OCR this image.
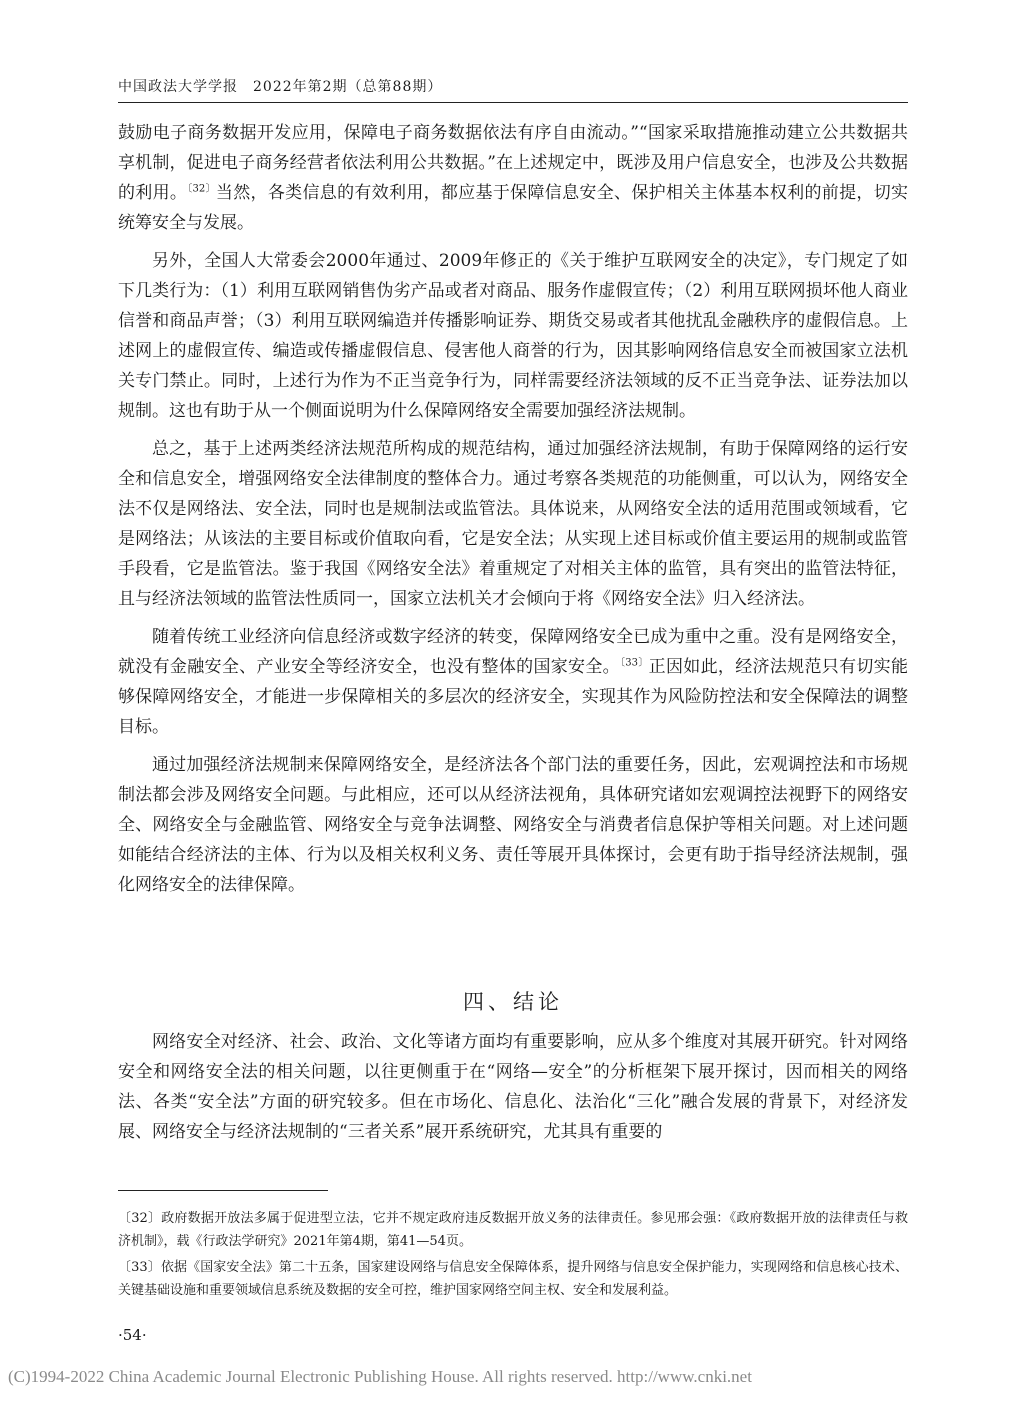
中国政法大学学报　2022年第2期（总第88期）

鼓励电子商务数据开发应用，保障电子商务数据依法有序自由流动。”“国家采取措施推动建立公共数据共享机制，促进电子商务经营者依法利用公共数据。”在上述规定中，既涉及用户信息安全，也涉及公共数据的利用。$^{〔32〕}$当然，各类信息的有效利用，都应基于保障信息安全、保护相关主体基本权利的前提，切实统筹安全与发展。

另外，全国人大常委会2000年通过、2009年修正的《关于维护互联网安全的决定》，专门规定了如下几类行为：（1）利用互联网销售伪劣产品或者对商品、服务作虚假宣传；（2）利用互联网损坏他人商业信誉和商品声誉；（3）利用互联网编造并传播影响证券、期货交易或者其他扰乱金融秩序的虚假信息。上述网上的虚假宣传、编造或传播虚假信息、侵害他人商誉的行为，因其影响网络信息安全而被国家立法机关专门禁止。同时，上述行为作为不正当竞争行为，同样需要经济法领域的反不正当竞争法、证券法加以规制。这也有助于从一个侧面说明为什么保障网络安全需要加强经济法规制。

总之，基于上述两类经济法规范所构成的规范结构，通过加强经济法规制，有助于保障网络的运行安全和信息安全，增强网络安全法律制度的整体合力。通过考察各类规范的功能侧重，可以认为，网络安全法不仅是网络法、安全法，同时也是规制法或监管法。具体说来，从网络安全法的适用范围或领域看，它是网络法；从该法的主要目标或价值取向看，它是安全法；从实现上述目标或价值主要运用的规制或监管手段看，它是监管法。鉴于我国《网络安全法》着重规定了对相关主体的监管，具有突出的监管法特征，且与经济法领域的监管法性质同一，国家立法机关才会倾向于将《网络安全法》归入经济法。

随着传统工业经济向信息经济或数字经济的转变，保障网络安全已成为重中之重。没有是网络安全，就没有金融安全、产业安全等经济安全，也没有整体的国家安全。$^{〔33〕}$正因如此，经济法规范只有切实能够保障网络安全，才能进一步保障相关的多层次的经济安全，实现其作为风险防控法和安全保障法的调整目标。

通过加强经济法规制来保障网络安全，是经济法各个部门法的重要任务，因此，宏观调控法和市场规制法都会涉及网络安全问题。与此相应，还可以从经济法视角，具体研究诸如宏观调控法视野下的网络安全、网络安全与金融监管、网络安全与竞争法调整、网络安全与消费者信息保护等相关问题。对上述问题如能结合经济法的主体、行为以及相关权利义务、责任等展开具体探讨，会更有助于指导经济法规制，强化网络安全的法律保障。

四、结论

网络安全对经济、社会、政治、文化等诸方面均有重要影响，应从多个维度对其展开研究。针对网络安全和网络安全法的相关问题，以往更侧重于在“网络—安全”的分析框架下展开探讨，因而相关的网络法、各类“安全法”方面的研究较多。但在市场化、信息化、法治化“三化”融合发展的背景下，对经济发展、网络安全与经济法规制的“三者关系”展开系统研究，尤其具有重要的

〔32〕政府数据开放法多属于促进型立法，它并不规定政府违反数据开放义务的法律责任。参见邢会强：《政府数据开放的法律责任与救济机制》，载《行政法学研究》2021年第4期，第41—54页。

〔33〕依据《国家安全法》第二十五条，国家建设网络与信息安全保障体系，提升网络与信息安全保护能力，实现网络和信息核心技术、关键基础设施和重要领域信息系统及数据的安全可控，维护国家网络空间主权、安全和发展利益。

·54·
(C)1994-2022 China Academic Journal Electronic Publishing House. All rights reserved. http://www.cnki.net
